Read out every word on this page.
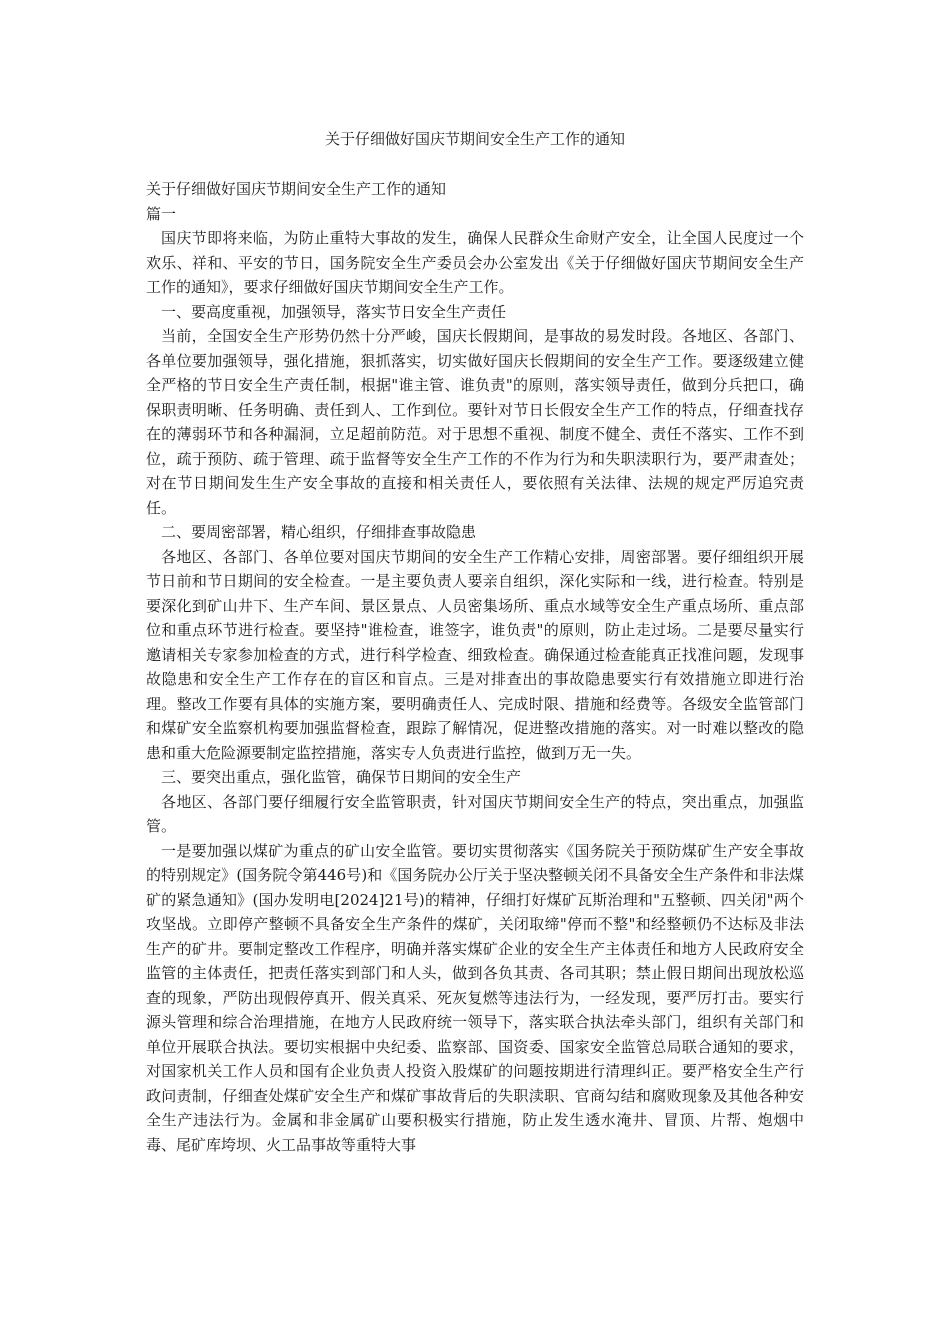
关于仔细做好国庆节期间安全生产工作的通知

关于仔细做好国庆节期间安全生产工作的通知

篇一

国庆节即将来临，为防止重特大事故的发生，确保人民群众生命财产安全，让全国人民度过一个欢乐、祥和、平安的节日，国务院安全生产委员会办公室发出《关于仔细做好国庆节期间安全生产工作的通知》，要求仔细做好国庆节期间安全生产工作。

一、要高度重视，加强领导，落实节日安全生产责任

当前，全国安全生产形势仍然十分严峻，国庆长假期间，是事故的易发时段。各地区、各部门、各单位要加强领导，强化措施，狠抓落实，切实做好国庆长假期间的安全生产工作。要逐级建立健全严格的节日安全生产责任制，根据"谁主管、谁负责"的原则，落实领导责任，做到分兵把口，确保职责明晰、任务明确、责任到人、工作到位。要针对节日长假安全生产工作的特点，仔细查找存在的薄弱环节和各种漏洞，立足超前防范。对于思想不重视、制度不健全、责任不落实、工作不到位，疏于预防、疏于管理、疏于监督等安全生产工作的不作为行为和失职渎职行为，要严肃查处；对在节日期间发生生产安全事故的直接和相关责任人，要依照有关法律、法规的规定严厉追究责任。

二、要周密部署，精心组织，仔细排查事故隐患

各地区、各部门、各单位要对国庆节期间的安全生产工作精心安排，周密部署。要仔细组织开展节日前和节日期间的安全检查。一是主要负责人要亲自组织，深化实际和一线，进行检查。特别是要深化到矿山井下、生产车间、景区景点、人员密集场所、重点水域等安全生产重点场所、重点部位和重点环节进行检查。要坚持"谁检查，谁签字，谁负责"的原则，防止走过场。二是要尽量实行邀请相关专家参加检查的方式，进行科学检查、细致检查。确保通过检查能真正找准问题，发现事故隐患和安全生产工作存在的盲区和盲点。三是对排查出的事故隐患要实行有效措施立即进行治理。整改工作要有具体的实施方案，要明确责任人、完成时限、措施和经费等。各级安全监管部门和煤矿安全监察机构要加强监督检查，跟踪了解情况，促进整改措施的落实。对一时难以整改的隐患和重大危险源要制定监控措施，落实专人负责进行监控，做到万无一失。

三、要突出重点，强化监管，确保节日期间的安全生产

各地区、各部门要仔细履行安全监管职责，针对国庆节期间安全生产的特点，突出重点，加强监管。

一是要加强以煤矿为重点的矿山安全监管。要切实贯彻落实《国务院关于预防煤矿生产安全事故的特别规定》(国务院令第446号)和《国务院办公厅关于坚决整顿关闭不具备安全生产条件和非法煤矿的紧急通知》(国办发明电[2024]21号)的精神，仔细打好煤矿瓦斯治理和"五整顿、四关闭"两个攻坚战。立即停产整顿不具备安全生产条件的煤矿，关闭取缔"停而不整"和经整顿仍不达标及非法生产的矿井。要制定整改工作程序，明确并落实煤矿企业的安全生产主体责任和地方人民政府安全监管的主体责任，把责任落实到部门和人头，做到各负其责、各司其职；禁止假日期间出现放松巡查的现象，严防出现假停真开、假关真采、死灰复燃等违法行为，一经发现，要严厉打击。要实行源头管理和综合治理措施，在地方人民政府统一领导下，落实联合执法牵头部门，组织有关部门和单位开展联合执法。要切实根据中央纪委、监察部、国资委、国家安全监管总局联合通知的要求，对国家机关工作人员和国有企业负责人投资入股煤矿的问题按期进行清理纠正。要严格安全生产行政问责制，仔细查处煤矿安全生产和煤矿事故背后的失职渎职、官商勾结和腐败现象及其他各种安全生产违法行为。金属和非金属矿山要积极实行措施，防止发生透水淹井、冒顶、片帮、炮烟中毒、尾矿库垮坝、火工品事故等重特大事
